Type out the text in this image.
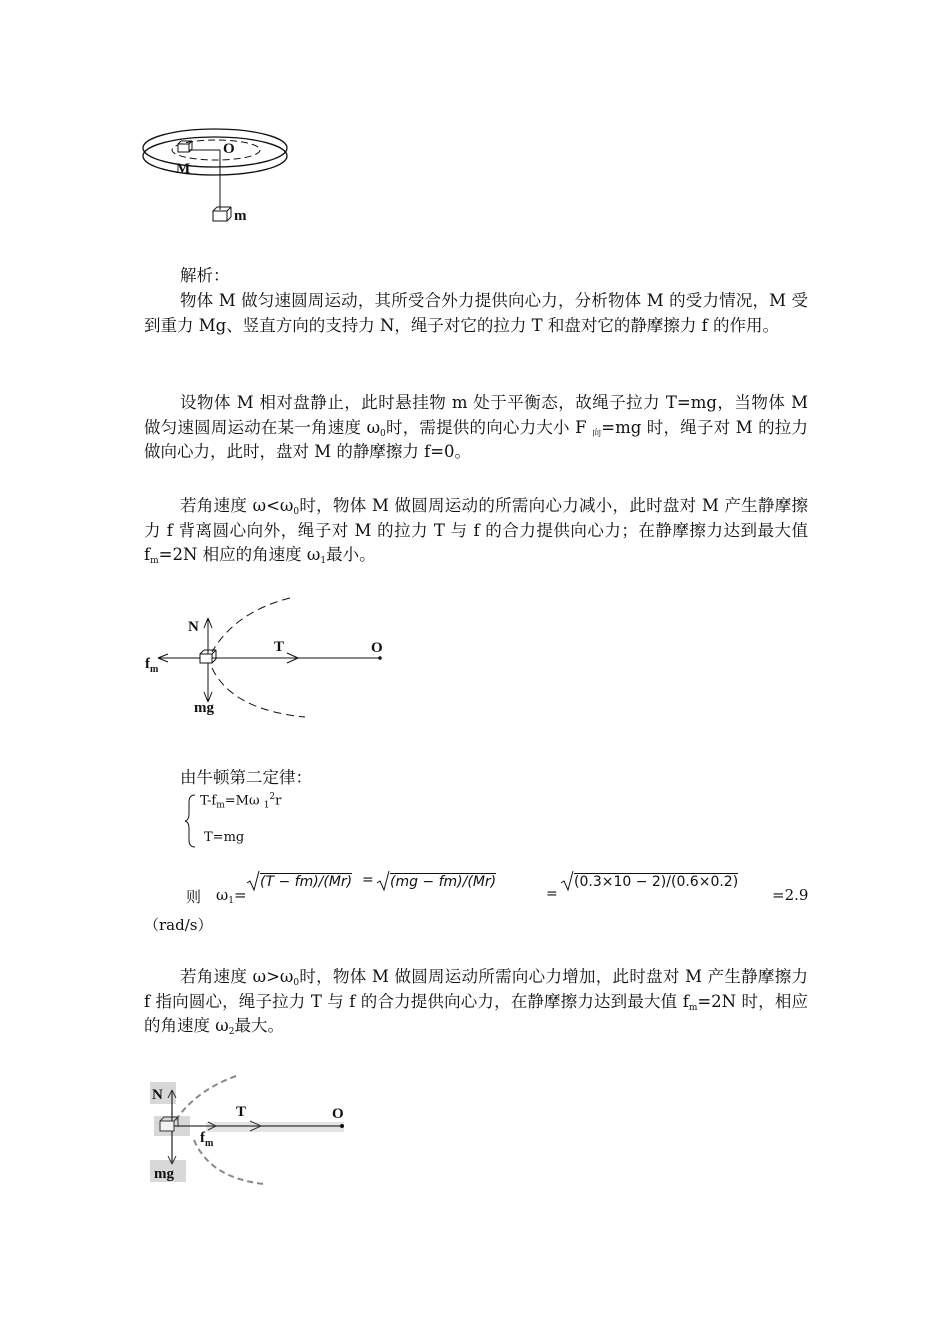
O
M
m
解析：
物体 M 做匀速圆周运动，其所受合外力提供向心力，分析物体 M 的受力情况，M 受到重力 Mg、竖直方向的支持力 N，绳子对它的拉力 T 和盘对它的静摩擦力 f 的作用。
设物体 M 相对盘静止，此时悬挂物 m 处于平衡态，故绳子拉力 T=mg，当物体 M 做匀速圆周运动在某一角速度 $\omega_0$时，需提供的向心力大小 F $_向$=mg 时，绳子对 M 的拉力做向心力，此时，盘对 M 的静摩擦力 f=0。
若角速度 $\omega<\omega_0$时，物体 M 做圆周运动的所需向心力减小，此时盘对 M 产生静摩擦力 f 背离圆心向外，绳子对 M 的拉力 T 与 f 的合力提供向心力；在静摩擦力达到最大值 $f_m=2N$ 相应的角速度 $\omega_1$最小。
N
T	O
$f_m$
mg
由牛顿第二定律：
$T-f_m=M\omega$ $_1^2$r
T=mg
则 $\omega_1=$
(T − fm)/(Mr) =	(mg − fm)/(Mr)
=
(0.3×10 − 2)/(0.6×0.2)
=2.9
（rad/s）
若角速度 $\omega>\omega_0$时，物体 M 做圆周运动所需向心力增加，此时盘对 M 产生静摩擦力 f 指向圆心，绳子拉力 T 与 f 的合力提供向心力，在静摩擦力达到最大值 $f_m=2N$ 时，相应的角速度 $\omega_2$最大。
N
T	O
$f_m$
mg
